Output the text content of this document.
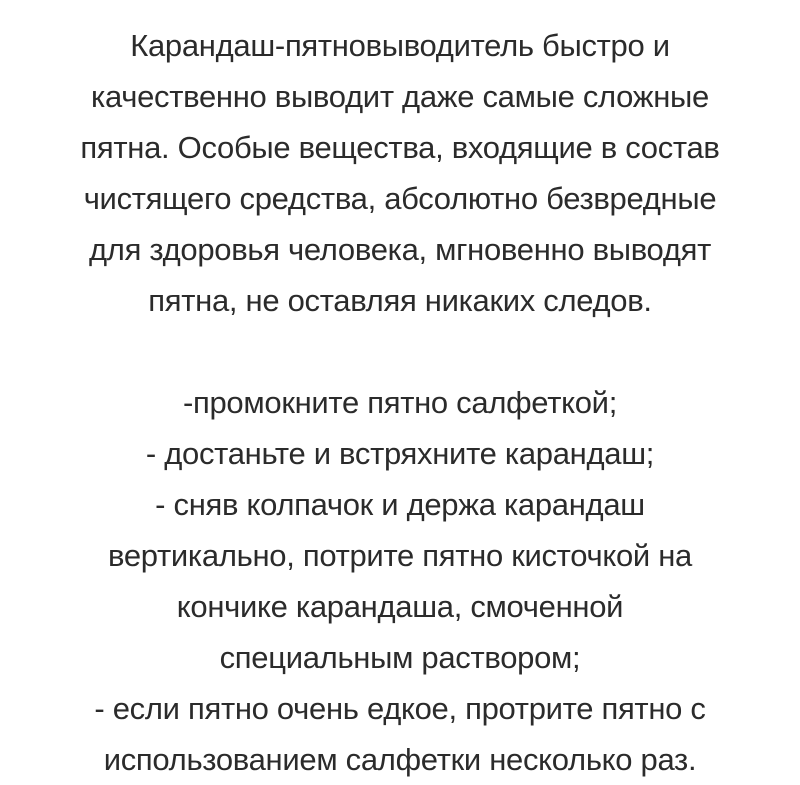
Карандаш-пятновыводитель быстро и
качественно выводит даже самые сложные
пятна. Особые вещества, входящие в состав
чистящего средства, абсолютно безвредные
для здоровья человека, мгновенно выводят
пятна, не оставляя никаких следов.
-промокните пятно салфеткой;
- достаньте и встряхните карандаш;
- сняв колпачок и держа карандаш
вертикально, потрите пятно кисточкой на
кончике карандаша, смоченной
специальным раствором;
- если пятно очень едкое, протрите пятно с
использованием салфетки несколько раз.
